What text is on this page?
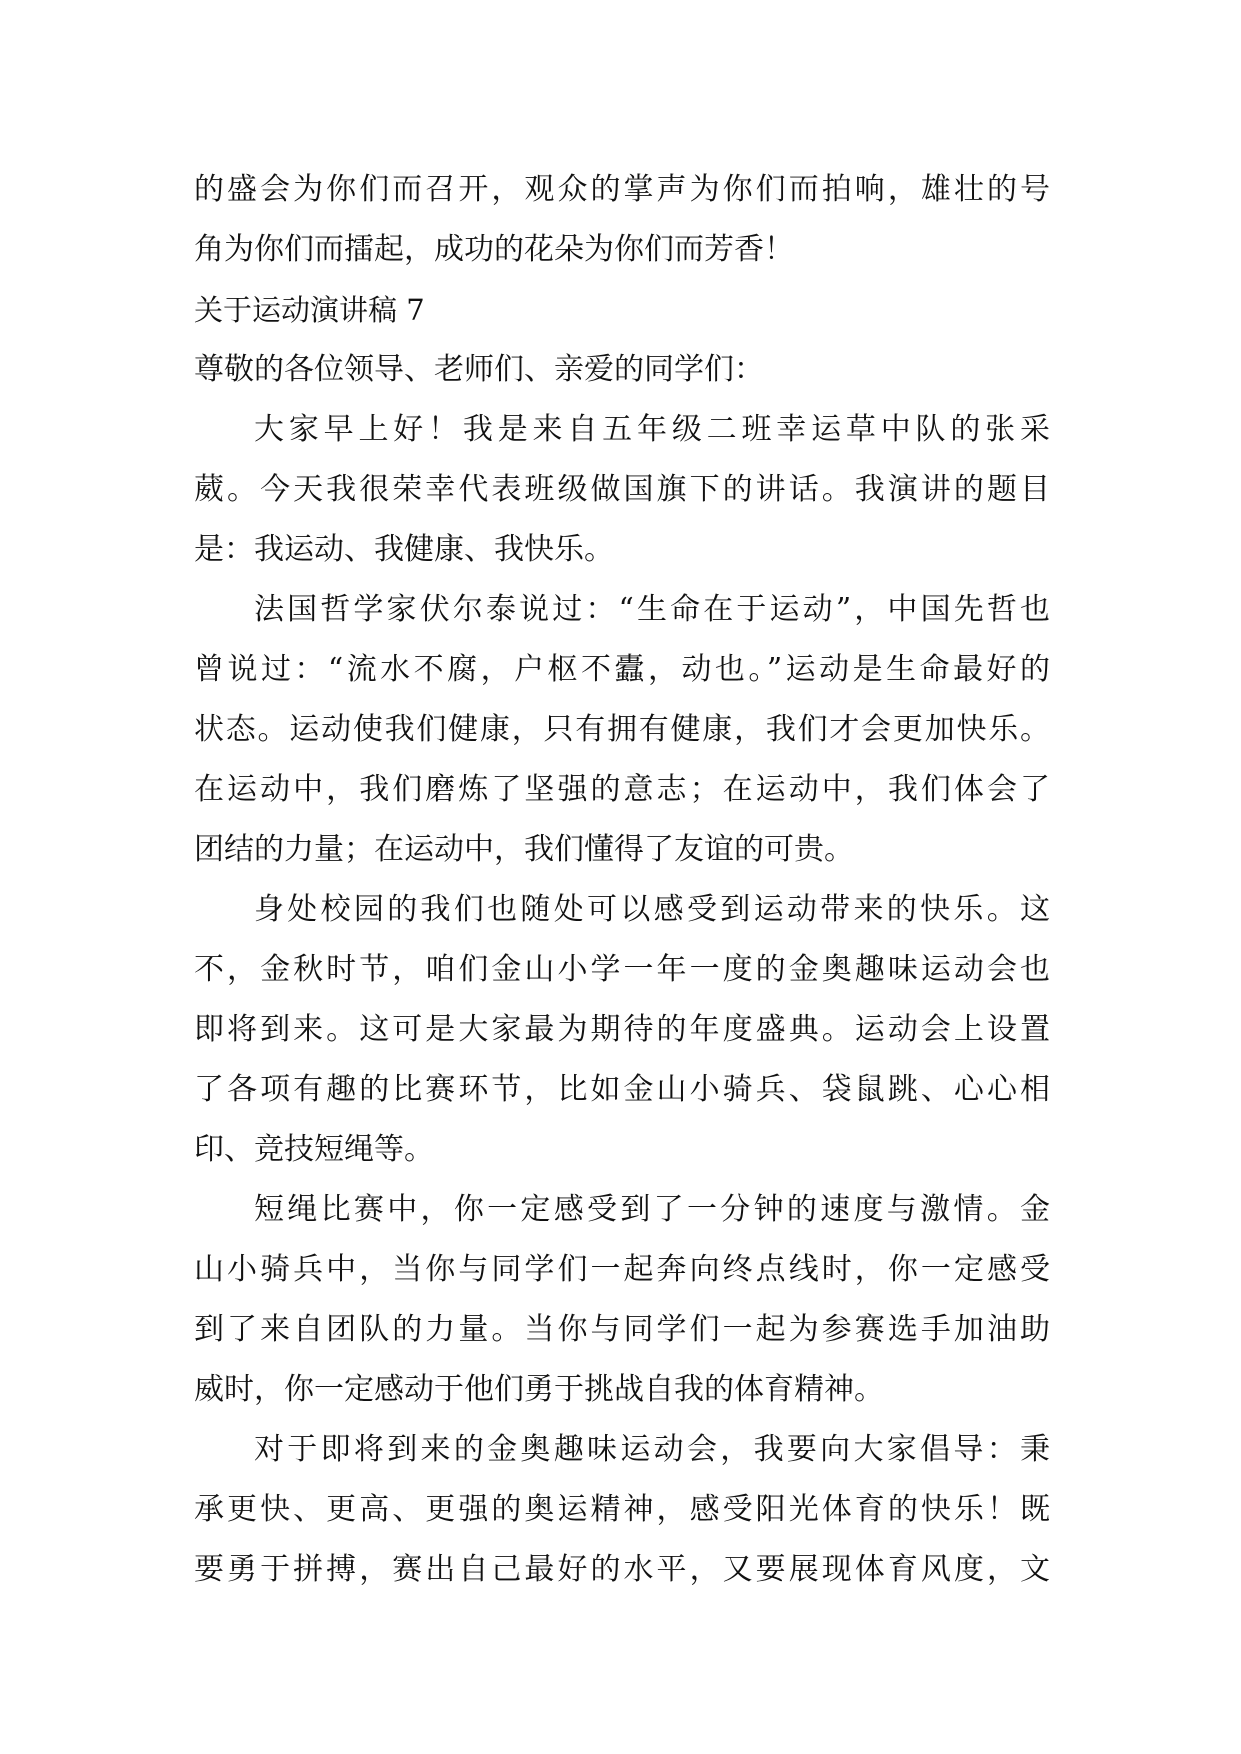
的盛会为你们而召开，观众的掌声为你们而拍响，雄壮的号
角为你们而擂起，成功的花朵为你们而芳香！
关于运动演讲稿 7
尊敬的各位领导、老师们、亲爱的同学们：
大家早上好！我是来自五年级二班幸运草中队的张采
葳。今天我很荣幸代表班级做国旗下的讲话。我演讲的题目
是：我运动、我健康、我快乐。
法国哲学家伏尔泰说过：“生命在于运动”，中国先哲也
曾说过：“流水不腐，户枢不蠹，动也。”运动是生命最好的
状态。运动使我们健康，只有拥有健康，我们才会更加快乐。
在运动中，我们磨炼了坚强的意志；在运动中，我们体会了
团结的力量；在运动中，我们懂得了友谊的可贵。
身处校园的我们也随处可以感受到运动带来的快乐。这
不，金秋时节，咱们金山小学一年一度的金奥趣味运动会也
即将到来。这可是大家最为期待的年度盛典。运动会上设置
了各项有趣的比赛环节，比如金山小骑兵、袋鼠跳、心心相
印、竞技短绳等。
短绳比赛中，你一定感受到了一分钟的速度与激情。金
山小骑兵中，当你与同学们一起奔向终点线时，你一定感受
到了来自团队的力量。当你与同学们一起为参赛选手加油助
威时，你一定感动于他们勇于挑战自我的体育精神。
对于即将到来的金奥趣味运动会，我要向大家倡导：秉
承更快、更高、更强的奥运精神，感受阳光体育的快乐！既
要勇于拼搏，赛出自己最好的水平，又要展现体育风度，文
